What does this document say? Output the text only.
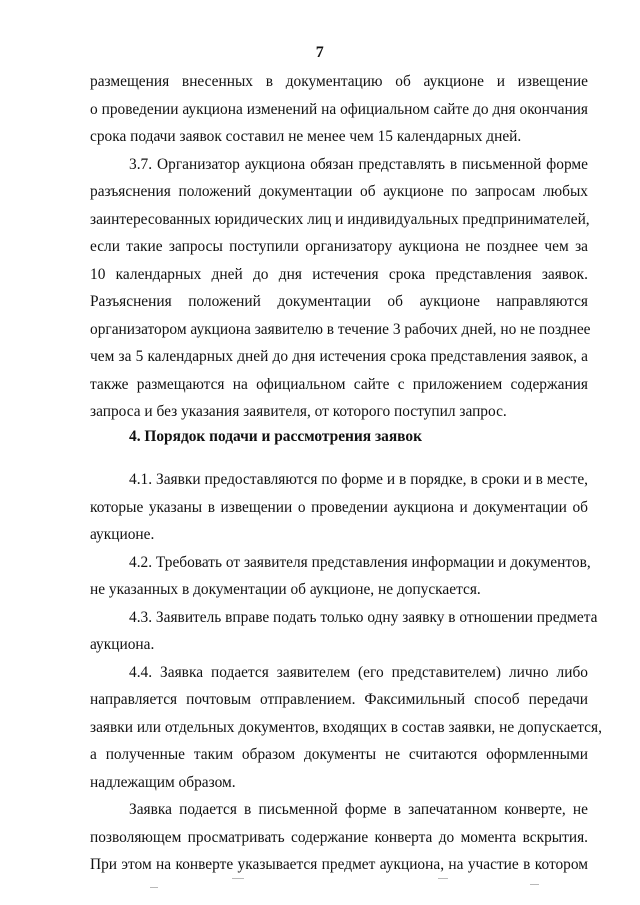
7
размещения внесенных в документацию об аукционе и извещение
о проведении аукциона изменений на официальном сайте до дня окончания
срока подачи заявок составил не менее чем 15 календарных дней.
3.7. Организатор аукциона обязан представлять в письменной форме
разъяснения положений документации об аукционе по запросам любых
заинтересованных юридических лиц и индивидуальных предпринимателей,
если такие запросы поступили организатору аукциона не позднее чем за
10 календарных дней до дня истечения срока представления заявок.
Разъяснения положений документации об аукционе направляются
организатором аукциона заявителю в течение 3 рабочих дней, но не позднее
чем за 5 календарных дней до дня истечения срока представления заявок, а
также размещаются на официальном сайте с приложением содержания
запроса и без указания заявителя, от которого поступил запрос.
4. Порядок подачи и рассмотрения заявок
4.1. Заявки предоставляются по форме и в порядке, в сроки и в месте,
которые указаны в извещении о проведении аукциона и документации об
аукционе.
4.2. Требовать от заявителя представления информации и документов,
не указанных в документации об аукционе, не допускается.
4.3. Заявитель вправе подать только одну заявку в отношении предмета
аукциона.
4.4. Заявка подается заявителем (его представителем) лично либо
направляется почтовым отправлением. Факсимильный способ передачи
заявки или отдельных документов, входящих в состав заявки, не допускается,
а полученные таким образом документы не считаются оформленными
надлежащим образом.
Заявка подается в письменной форме в запечатанном конверте, не
позволяющем просматривать содержание конверта до момента вскрытия.
При этом на конверте указывается предмет аукциона, на участие в котором
